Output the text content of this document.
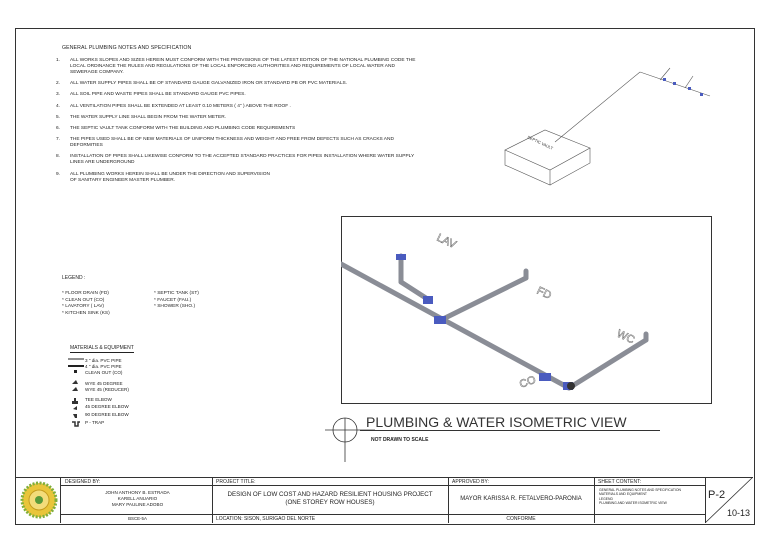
GENERAL PLUMBING NOTES AND SPECIFICATION
1. ALL WORKS SLOPES AND SIZES HEREIN MUST CONFORM WITH THE PROVISIONS OF THE LATEST EDITION OF THE NATIONAL PLUMBING CODE THE LOCAL ORDINANCE THE RULES AND REGULATIONS OF THE LOCAL ENFORCING AUTHORITIES AND REQUIREMENTS OF LOCAL WATER AND SEWERAGE COMPANY.
2. ALL WATER SUPPLY PIPES SHALL BE OF STANDARD GAUGE GALVANIZED IRON OR STANDARD PB OR PVC MATERIALS.
3. ALL SOIL PIPE AND WASTE PIPES SHALL BE STANDARD GAUGE PVC PIPES.
4. ALL VENTILATION PIPES SHALL BE EXTENDED AT LEAST 0.10 METERS ( 4" ) ABOVE THE ROOF .
5. THE WATER SUPPLY LINE SHALL BEGIN FROM THE WATER METER.
6. THE SEPTIC VAULT TANK CONFORM WITH THE BUILDING AND PLUMBING CODE REQUIREMENTS
7. THE PIPES USED SHALL BE OF NEW MATERIALS OF UNIFORM THICKNESS AND WEIGHT AND FREE FROM DEFECTS SUCH AS CRACKS AND DEFORMITIES
8. INSTALLATION OF PIPES SHALL LIKEWISE CONFORM TO THE ACCEPTED STANDARD PRACTICES FOR PIPES INSTALLATION WHERE WATER SUPPLY LINES ARE UNDERGROUND
9. ALL PLUMBING WORKS HEREIN SHALL BE UNDER THE DIRECTION AND SUPERVISION OF SANITARY ENGINEER MASTER PLUMBER.
LEGEND :
* FLOOR DRAIN (FD)
* CLEAN OUT (CO)
* LAVATORY ( LAV)
* KITCHEN SINK (KS)
* SEPTIC TANK (ST)
* FAUCET (FAU.)
* SHOWER (SHO.)
MATERIALS & EQUIPMENT
3 " dia. PVC PIPE
4 " dia. PVC PIPE
CLEAN OUT (CO)
WYE 45 DEGREE
WYE 45 (REDUCER)
TEE ELBOW
45 DEGREE ELBOW
90 DEGREE ELBOW
P - TRAP
SEPTIC VAULT
LAV
FD
WC
CO
PLUMBING & WATER ISOMETRIC VIEW
NOT DRAWN TO SCALE
DESIGNED BY:
JOHN ANTHONY B. ESTRADA
KARELL ANUARIO
MARY PAULINE ADOBO
BSCE-5A
PROJECT TITLE:
DESIGN OF LOW COST AND HAZARD RESILIENT HOUSING PROJECT
(ONE STOREY ROW HOUSES)
LOCATION: SISON, SURIGAO DEL NORTE
APPROVED BY:
MAYOR KARISSA R. FETALVERO-PARONIA
CONFORME
SHEET CONTENT:
GENERAL PLUMBING NOTES AND SPECIFICATION
MATERIALS AND EQUIPMENT
LEGEND
PLUMBING AND WATER ISOMETRIC VIEW
P-2
10-13
